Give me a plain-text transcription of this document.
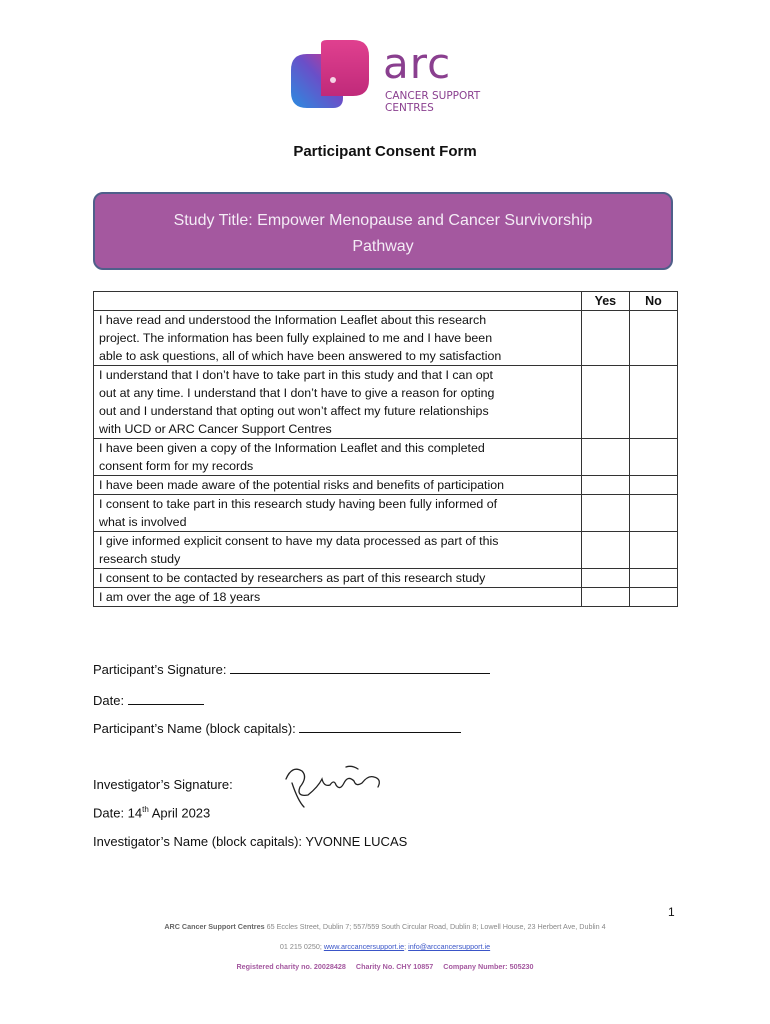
arc
CANCER SUPPORT
CENTRES
Participant Consent Form
Study Title: Empower Menopause and Cancer Survivorship
Pathway
	Yes	No

I have read and understood the Information Leaflet about this research
project. The information has been fully explained to me and I have been
able to ask questions, all of which have been answered to my satisfaction		

I understand that I don’t have to take part in this study and that I can opt
out at any time. I understand that I don’t have to give a reason for opting
out and I understand that opting out won’t affect my future relationships
with UCD or ARC Cancer Support Centres		

I have been given a copy of the Information Leaflet and this completed
consent form for my records		

I have been made aware of the potential risks and benefits of participation		

I consent to take part in this research study having been fully informed of
what is involved		

I give informed explicit consent to have my data processed as part of this
research study		

I consent to be contacted by researchers as part of this research study		

I am over the age of 18 years		

Participant’s Signature:
Date:
Participant’s Name (block capitals):
Investigator’s Signature:
Date: 14th April 2023
Investigator’s Name (block capitals): YVONNE LUCAS
1
ARC Cancer Support Centres 65 Eccles Street, Dublin 7; 557/559 South Circular Road, Dublin 8; Lowell House, 23 Herbert Ave, Dublin 4
01 215 0250; www.arccancersupport.ie; info@arccancersupport.ie
Registered charity no. 20028428 Charity No. CHY 10857 Company Number: 505230
